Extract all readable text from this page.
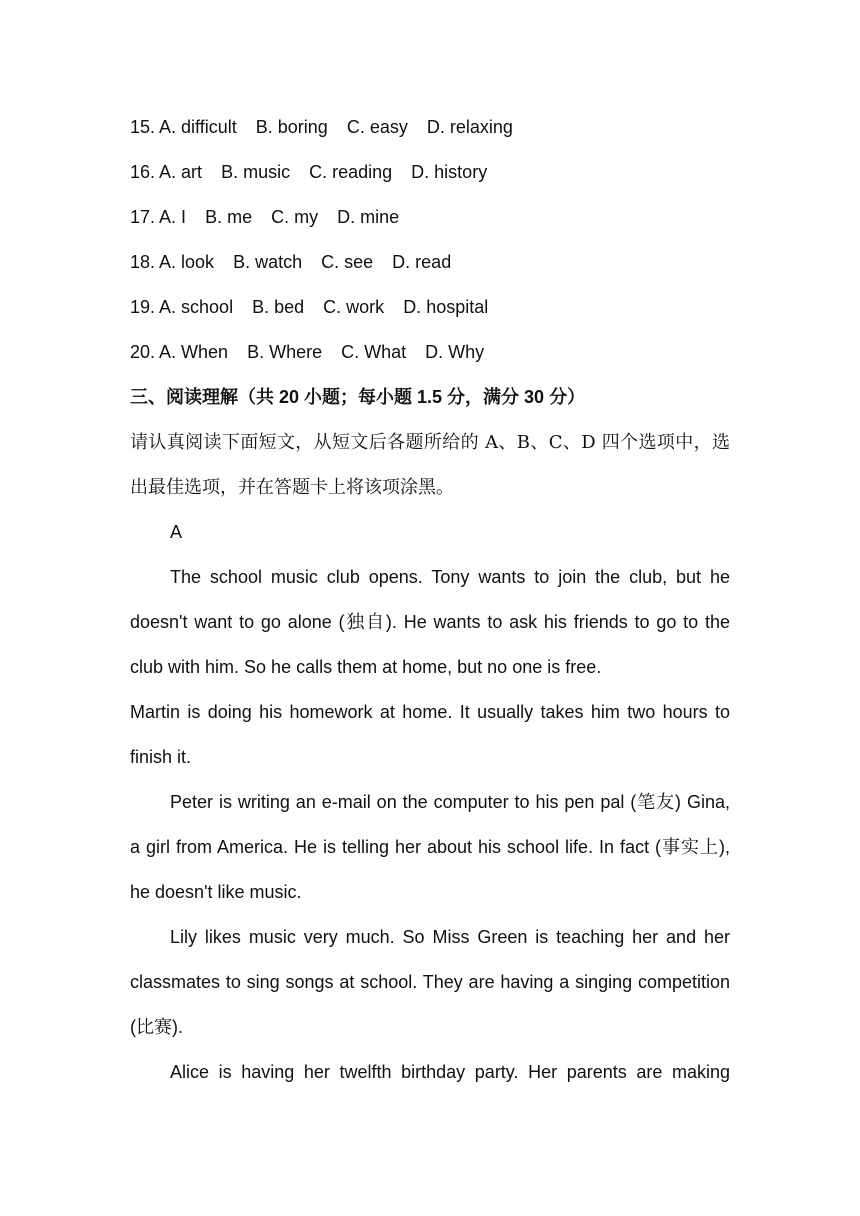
15. A. difficult B. boring C. easy D. relaxing
16. A. art B. music C. reading D. history
17. A. I B. me C. my D. mine
18. A. look B. watch C. see D. read
19. A. school B. bed C. work D. hospital
20. A. When B. Where C. What D. Why
三、阅读理解（共 20 小题；每小题 1.5 分，满分 30 分）
请认真阅读下面短文，从短文后各题所给的 A、B、C、D 四个选项中，选出最佳选项，并在答题卡上将该项涂黑。
A
The school music club opens. Tony wants to join the club, but he doesn't want to go alone (独自). He wants to ask his friends to go to the club with him. So he calls them at home, but no one is free.
Martin is doing his homework at home. It usually takes him two hours to finish it.
Peter is writing an e-mail on the computer to his pen pal (笔友) Gina, a girl from America. He is telling her about his school life. In fact (事实上), he doesn't like music.
Lily likes music very much. So Miss Green is teaching her and her classmates to sing songs at school. They are having a singing competition (比赛).
Alice is having her twelfth birthday party. Her parents are making
